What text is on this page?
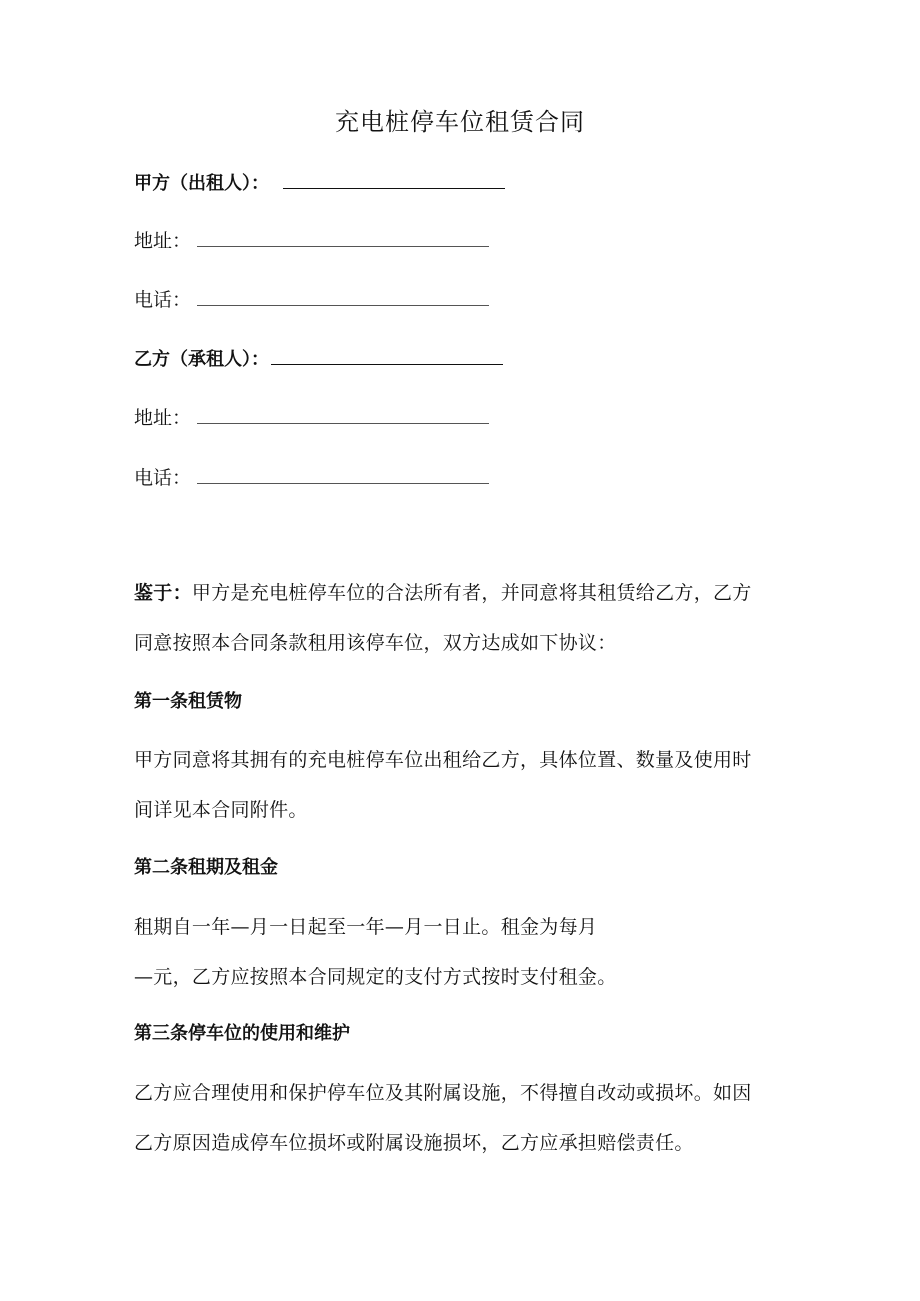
充电桩停车位租赁合同
甲方（出租人）：
地址：
电话：
乙方（承租人）：
地址：
电话：
鉴于：甲方是充电桩停车位的合法所有者，并同意将其租赁给乙方，乙方
同意按照本合同条款租用该停车位，双方达成如下协议：
第一条租赁物
甲方同意将其拥有的充电桩停车位出租给乙方，具体位置、数量及使用时
间详见本合同附件。
第二条租期及租金
租期自一年—月一日起至一年—月一日止。租金为每月
—元，乙方应按照本合同规定的支付方式按时支付租金。
第三条停车位的使用和维护
乙方应合理使用和保护停车位及其附属设施，不得擅自改动或损坏。如因
乙方原因造成停车位损坏或附属设施损坏，乙方应承担赔偿责任。
